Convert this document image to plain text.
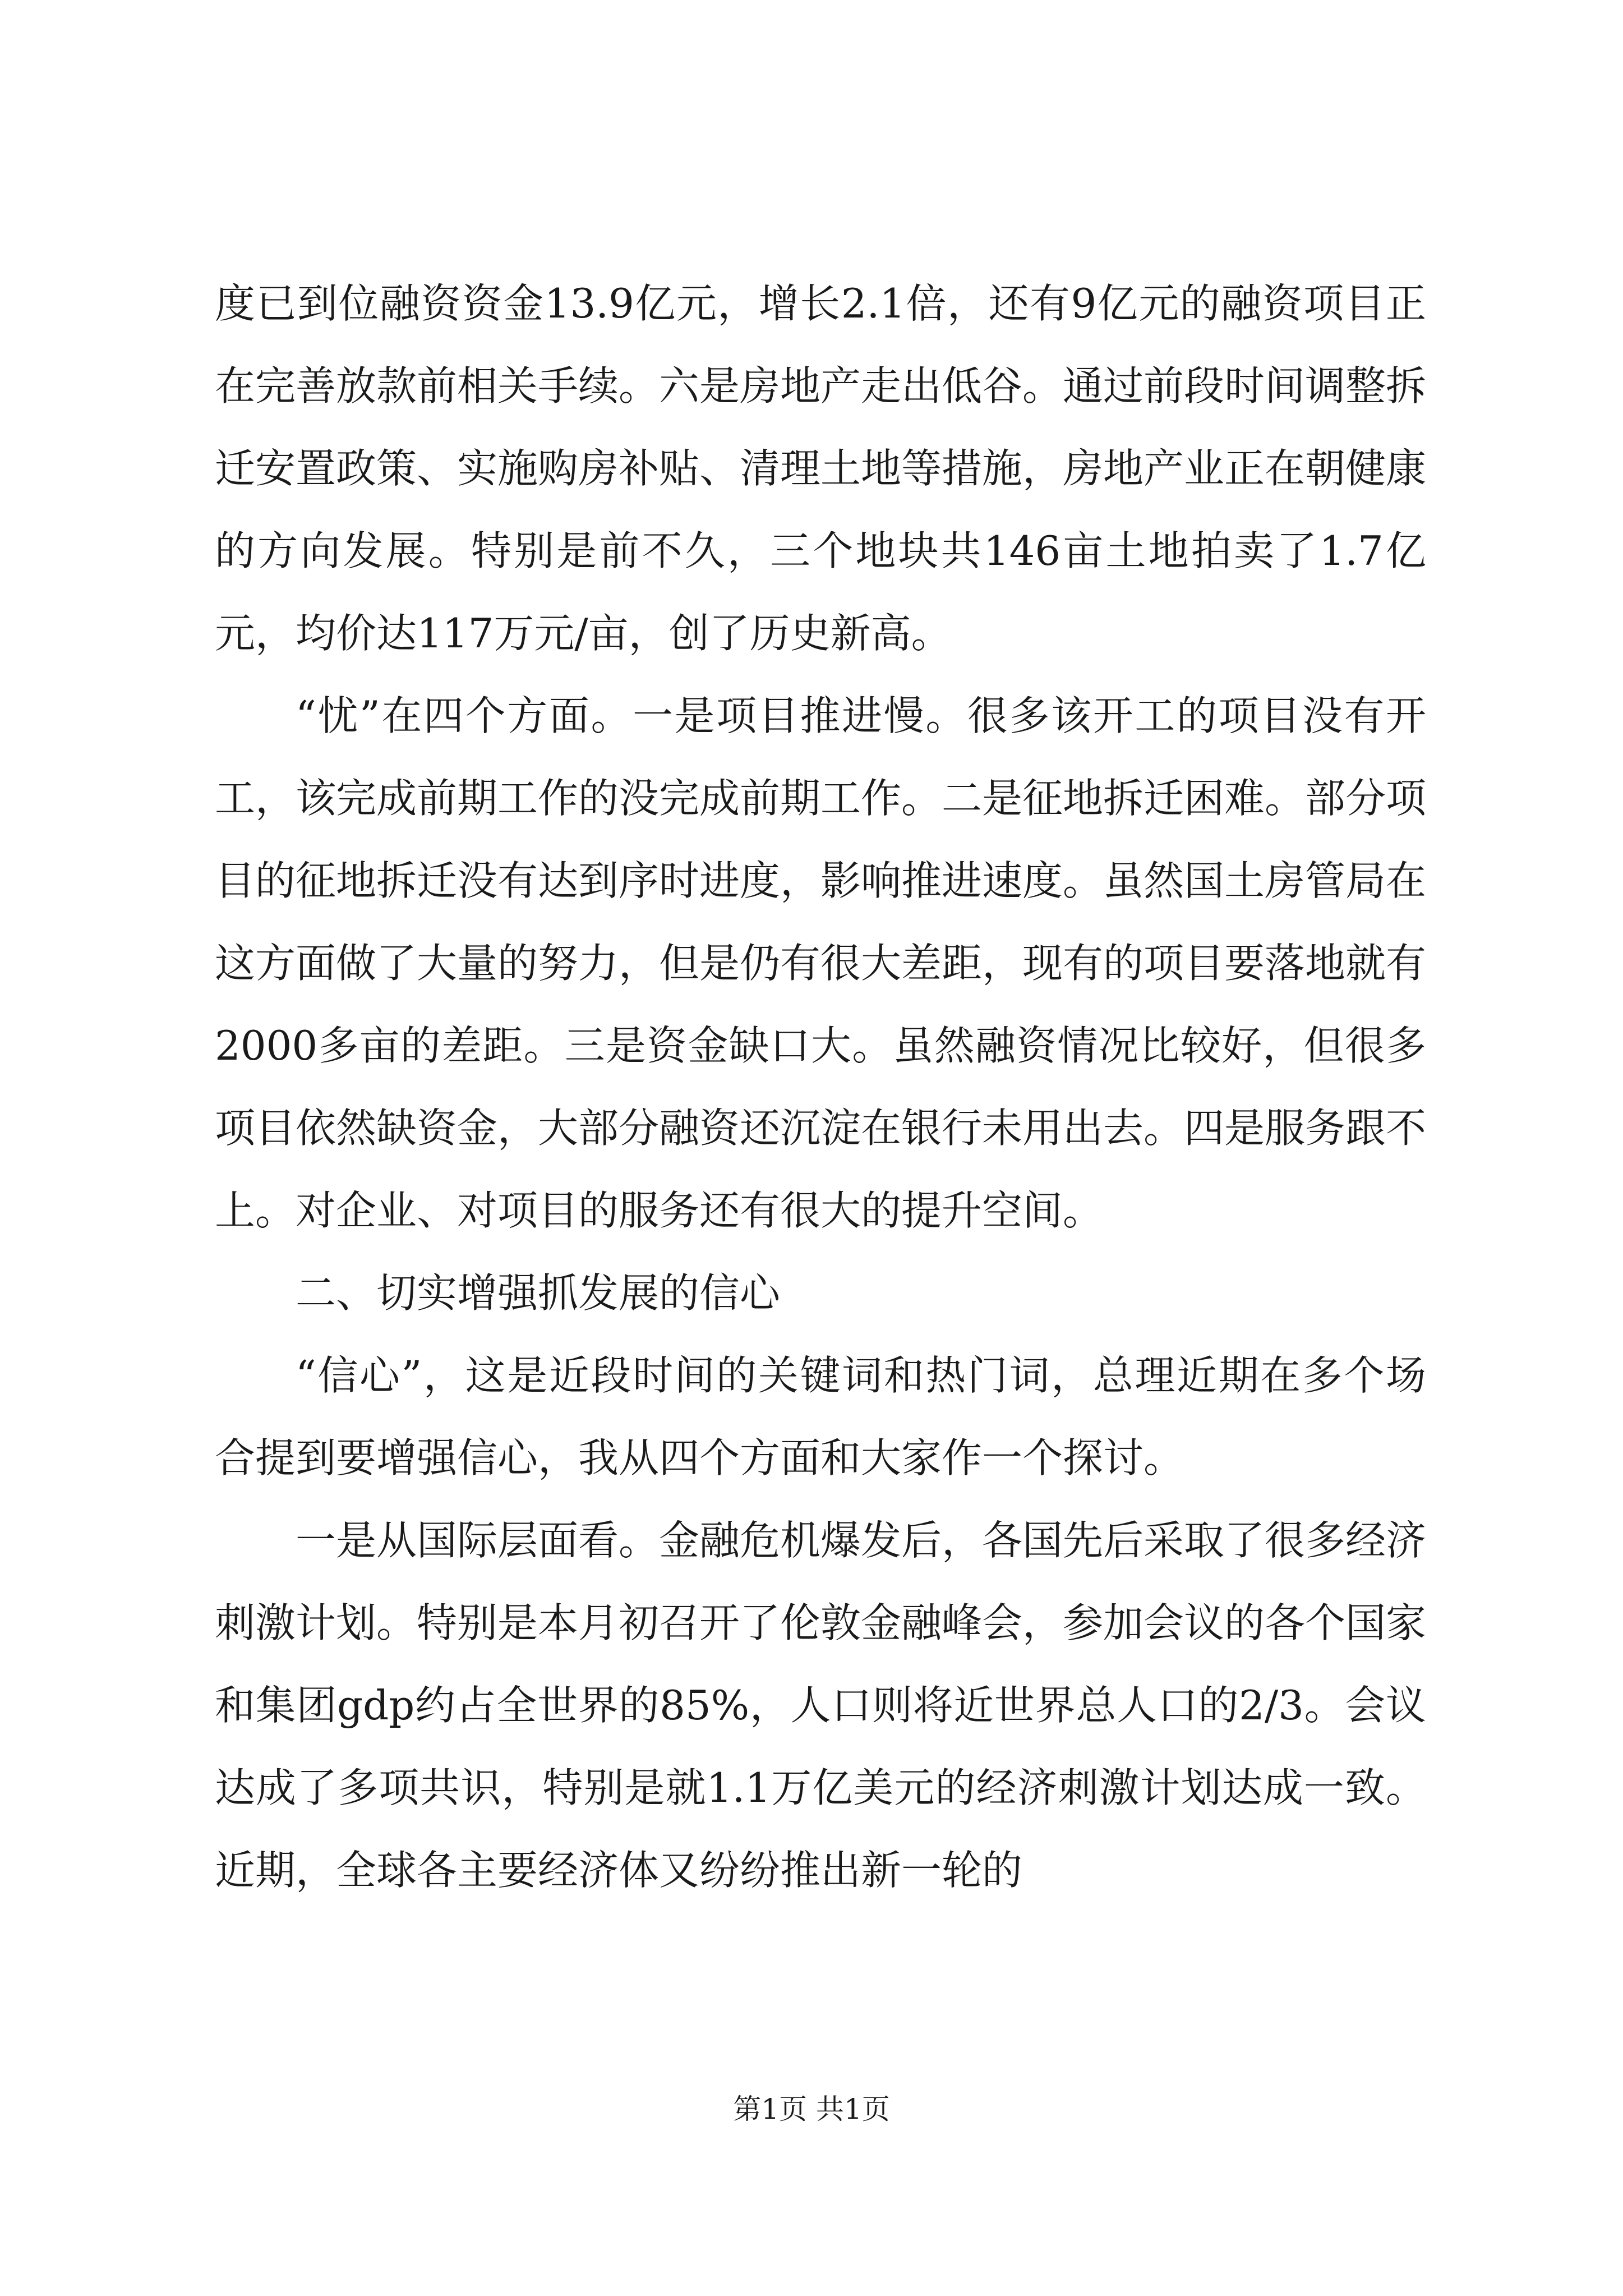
度已到位融资资金13.9亿元，增长2.1倍，还有9亿元的融资项目正在完善放款前相关手续。六是房地产走出低谷。通过前段时间调整拆迁安置政策、实施购房补贴、清理土地等措施，房地产业正在朝健康的方向发展。特别是前不久，三个地块共146亩土地拍卖了1.7亿元，均价达117万元/亩，创了历史新高。

“忧”在四个方面。一是项目推进慢。很多该开工的项目没有开工，该完成前期工作的没完成前期工作。二是征地拆迁困难。部分项目的征地拆迁没有达到序时进度，影响推进速度。虽然国土房管局在这方面做了大量的努力，但是仍有很大差距，现有的项目要落地就有2000多亩的差距。三是资金缺口大。虽然融资情况比较好，但很多项目依然缺资金，大部分融资还沉淀在银行未用出去。四是服务跟不上。对企业、对项目的服务还有很大的提升空间。

二、切实增强抓发展的信心

“信心”，这是近段时间的关键词和热门词，总理近期在多个场合提到要增强信心，我从四个方面和大家作一个探讨。

一是从国际层面看。金融危机爆发后，各国先后采取了很多经济刺激计划。特别是本月初召开了伦敦金融峰会，参加会议的各个国家和集团gdp约占全世界的85%，人口则将近世界总人口的2/3。会议达成了多项共识，特别是就1.1万亿美元的经济刺激计划达成一致。近期，全球各主要经济体又纷纷推出新一轮的

第1页 共1页
